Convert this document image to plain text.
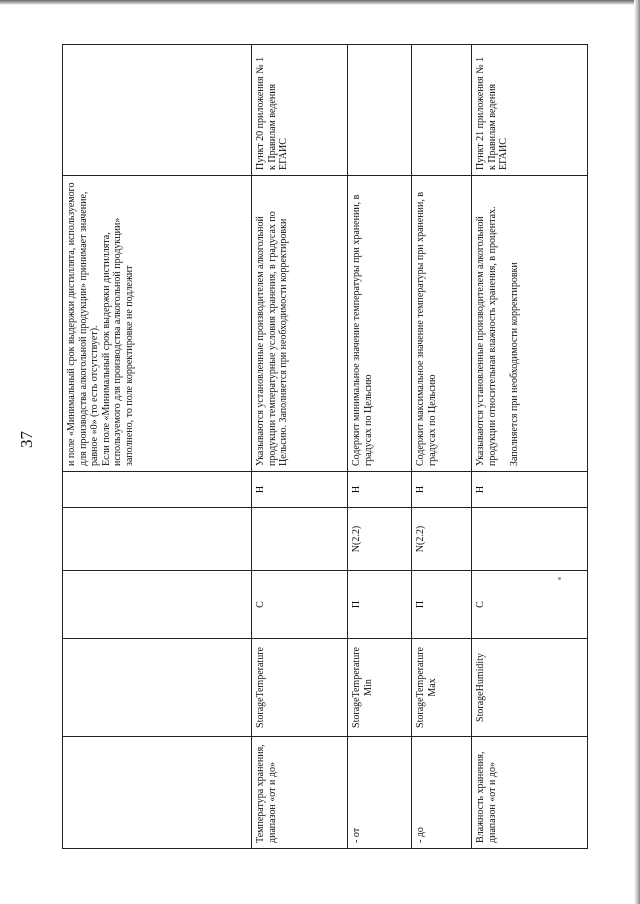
37
					и поле «Минимальный срок выдержки дистиллята, используемого для производства алкогольной продукции» принимает значение, равное «0» (то есть отсутствует).
Если поле «Минимальный срок выдержки дистиллята, используемого для производства алкогольной продукции» заполнено, то поле корректировке не подлежит	
Температура хранения, диапазон «от и до»	StorageTemperature	С		Н	Указываются установленные производителем алкогольной продукции температурные условия хранения, в градусах по Цельсию. Заполняется при необходимости корректировки	Пункт 20 приложения № 1 к Правилам ведения ЕГАИС
- от	StorageTemperature Min	П	N(2.2)	Н	Содержит минимальное значение температуры при хранении, в градусах по Цельсию	
- до	StorageTemperature Max	П	N(2.2)	Н	Содержит максимальное значение температуры при хранении, в градусах по Цельсию	
Влажность хранения, диапазон «от и до»	StorageHumidity	С		Н	Указываются установленные производителем алкогольной продукции относительная влажность хранения, в процентах. Заполняется при необходимости корректировки	Пункт 21 приложения № 1 к Правилам ведения ЕГАИС
